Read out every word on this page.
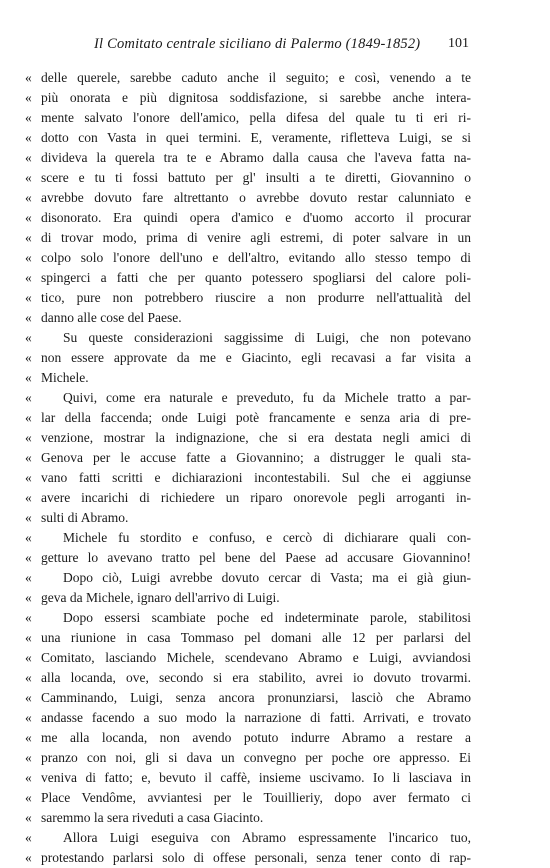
Il Comitato centrale siciliano di Palermo (1849-1852) 101
« delle querele, sarebbe caduto anche il seguito; e così, venendo a te
« più onorata e più dignitosa soddisfazione, si sarebbe anche intera-
« mente salvato l'onore dell'amico, pella difesa del quale tu ti eri ri-
« dotto con Vasta in quei termini. E, veramente, rifletteva Luigi, se si
« divideva la querela tra te e Abramo dalla causa che l'aveva fatta na-
« scere e tu ti fossi battuto per gl' insulti a te diretti, Giovannino o
« avrebbe dovuto fare altrettanto o avrebbe dovuto restar calunniato e
« disonorato. Era quindi opera d'amico e d'uomo accorto il procurar
« di trovar modo, prima di venire agli estremi, di poter salvare in un
« colpo solo l'onore dell'uno e dell'altro, evitando allo stesso tempo di
« spingerci a fatti che per quanto potessero spogliarsi del calore poli-
« tico, pure non potrebbero riuscire a non produrre nell'attualità del
« danno alle cose del Paese.
« Su queste considerazioni saggissime di Luigi, che non potevano
« non essere approvate da me e Giacinto, egli recavasi a far visita a
« Michele.
« Quivi, come era naturale e preveduto, fu da Michele tratto a par-
« lar della faccenda; onde Luigi potè francamente e senza aria di pre-
« venzione, mostrar la indignazione, che si era destata negli amici di
« Genova per le accuse fatte a Giovannino; a distrugger le quali sta-
« vano fatti scritti e dichiarazioni incontestabili. Sul che ei aggiunse
« avere incarichi di richiedere un riparo onorevole pegli arroganti in-
« sulti di Abramo.
« Michele fu stordito e confuso, e cercò di dichiarare quali con-
« getture lo avevano tratto pel bene del Paese ad accusare Giovannino!
« Dopo ciò, Luigi avrebbe dovuto cercar di Vasta; ma ei già giun-
« geva da Michele, ignaro dell'arrivo di Luigi.
« Dopo essersi scambiate poche ed indeterminate parole, stabilitosi
« una riunione in casa Tommaso pel domani alle 12 per parlarsi del
« Comitato, lasciando Michele, scendevano Abramo e Luigi, avviandosi
« alla locanda, ove, secondo si era stabilito, avrei io dovuto trovarmi.
« Camminando, Luigi, senza ancora pronunziarsi, lasciò che Abramo
« andasse facendo a suo modo la narrazione di fatti. Arrivati, e trovato
« me alla locanda, non avendo potuto indurre Abramo a restare a
« pranzo con noi, gli si dava un convegno per poche ore appresso. Ei
« veniva di fatto; e, bevuto il caffè, insieme uscivamo. Io li lasciava in
« Place Vendôme, avviantesi per le Touillieriy, dopo aver fermato ci
« saremmo la sera riveduti a casa Giacinto.
« Allora Luigi eseguiva con Abramo espressamente l'incarico tuo,
« protestando parlarsi solo di offese personali, senza tener conto di rap-
